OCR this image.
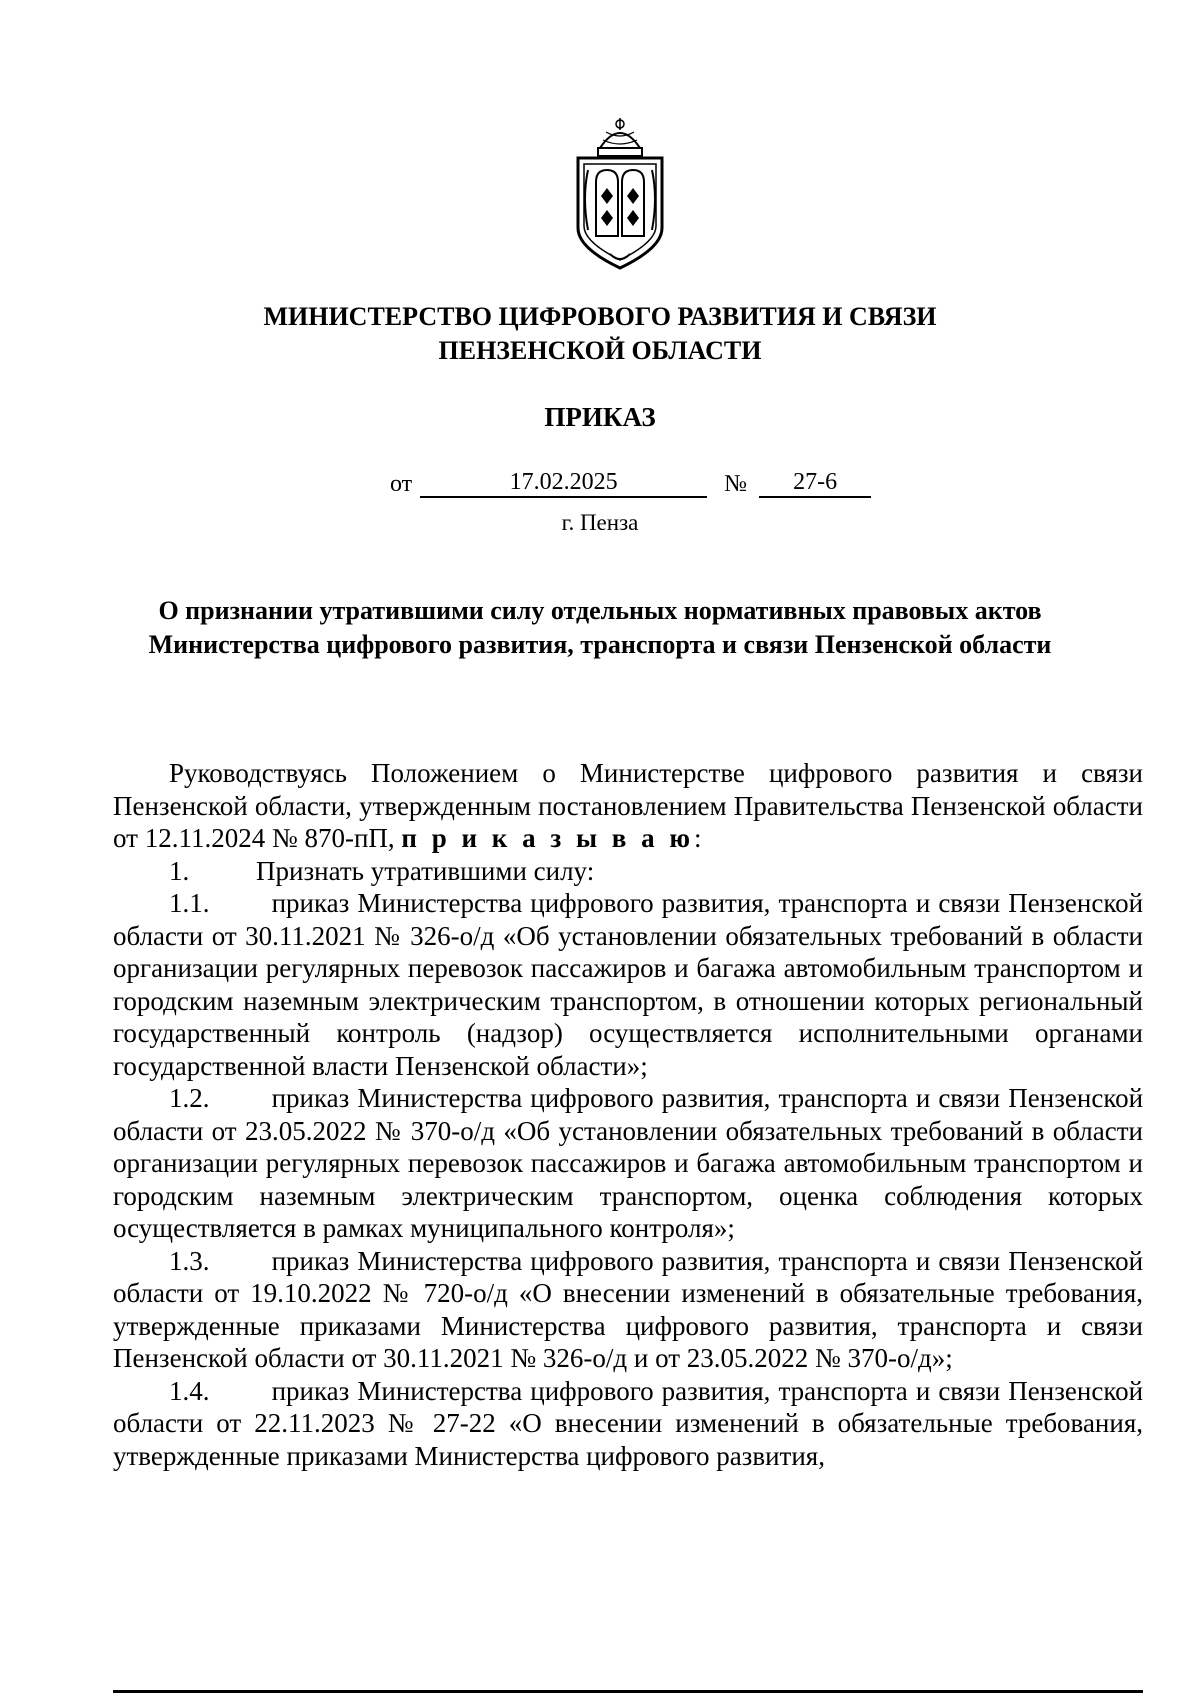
МИНИСТЕРСТВО ЦИФРОВОГО РАЗВИТИЯ И СВЯЗИ
ПЕНЗЕНСКОЙ ОБЛАСТИ
ПРИКАЗ
от	17.02.2025	№	27-6
г. Пенза
О признании утратившими силу отдельных нормативных правовых актов
Министерства цифрового развития, транспорта и связи Пензенской области

Руководствуясь Положением о Министерстве цифрового развития и связи Пензенской области, утвержденным постановлением Правительства Пензенской области от 12.11.2024 № 870-пП, п р и к а з ы в а ю:

1.	Признать утратившими силу:

1.1.   приказ Министерства цифрового развития, транспорта и связи Пензенской области от 30.11.2021 № 326-о/д «Об установлении обязательных требований в области организации регулярных перевозок пассажиров и багажа автомобильным транспортом и городским наземным электрическим транспортом, в отношении которых региональный государственный контроль (надзор) осуществляется исполнительными органами государственной власти Пензенской области»;

1.2.   приказ Министерства цифрового развития, транспорта и связи Пензенской области от 23.05.2022 № 370-о/д «Об установлении обязательных требований в области организации регулярных перевозок пассажиров и багажа автомобильным транспортом и городским наземным электрическим транспортом, оценка соблюдения которых осуществляется в рамках муниципального контроля»;

1.3.   приказ Министерства цифрового развития, транспорта и связи Пензенской области от 19.10.2022 № 720-о/д «О внесении изменений в обязательные требования, утвержденные приказами Министерства цифрового развития, транспорта и связи Пензенской области от 30.11.2021 № 326-о/д и от 23.05.2022 № 370-о/д»;

1.4.   приказ Министерства цифрового развития, транспорта и связи Пензенской области от 22.11.2023 № 27-22 «О внесении изменений в обязательные требования, утвержденные приказами Министерства цифрового развития,
